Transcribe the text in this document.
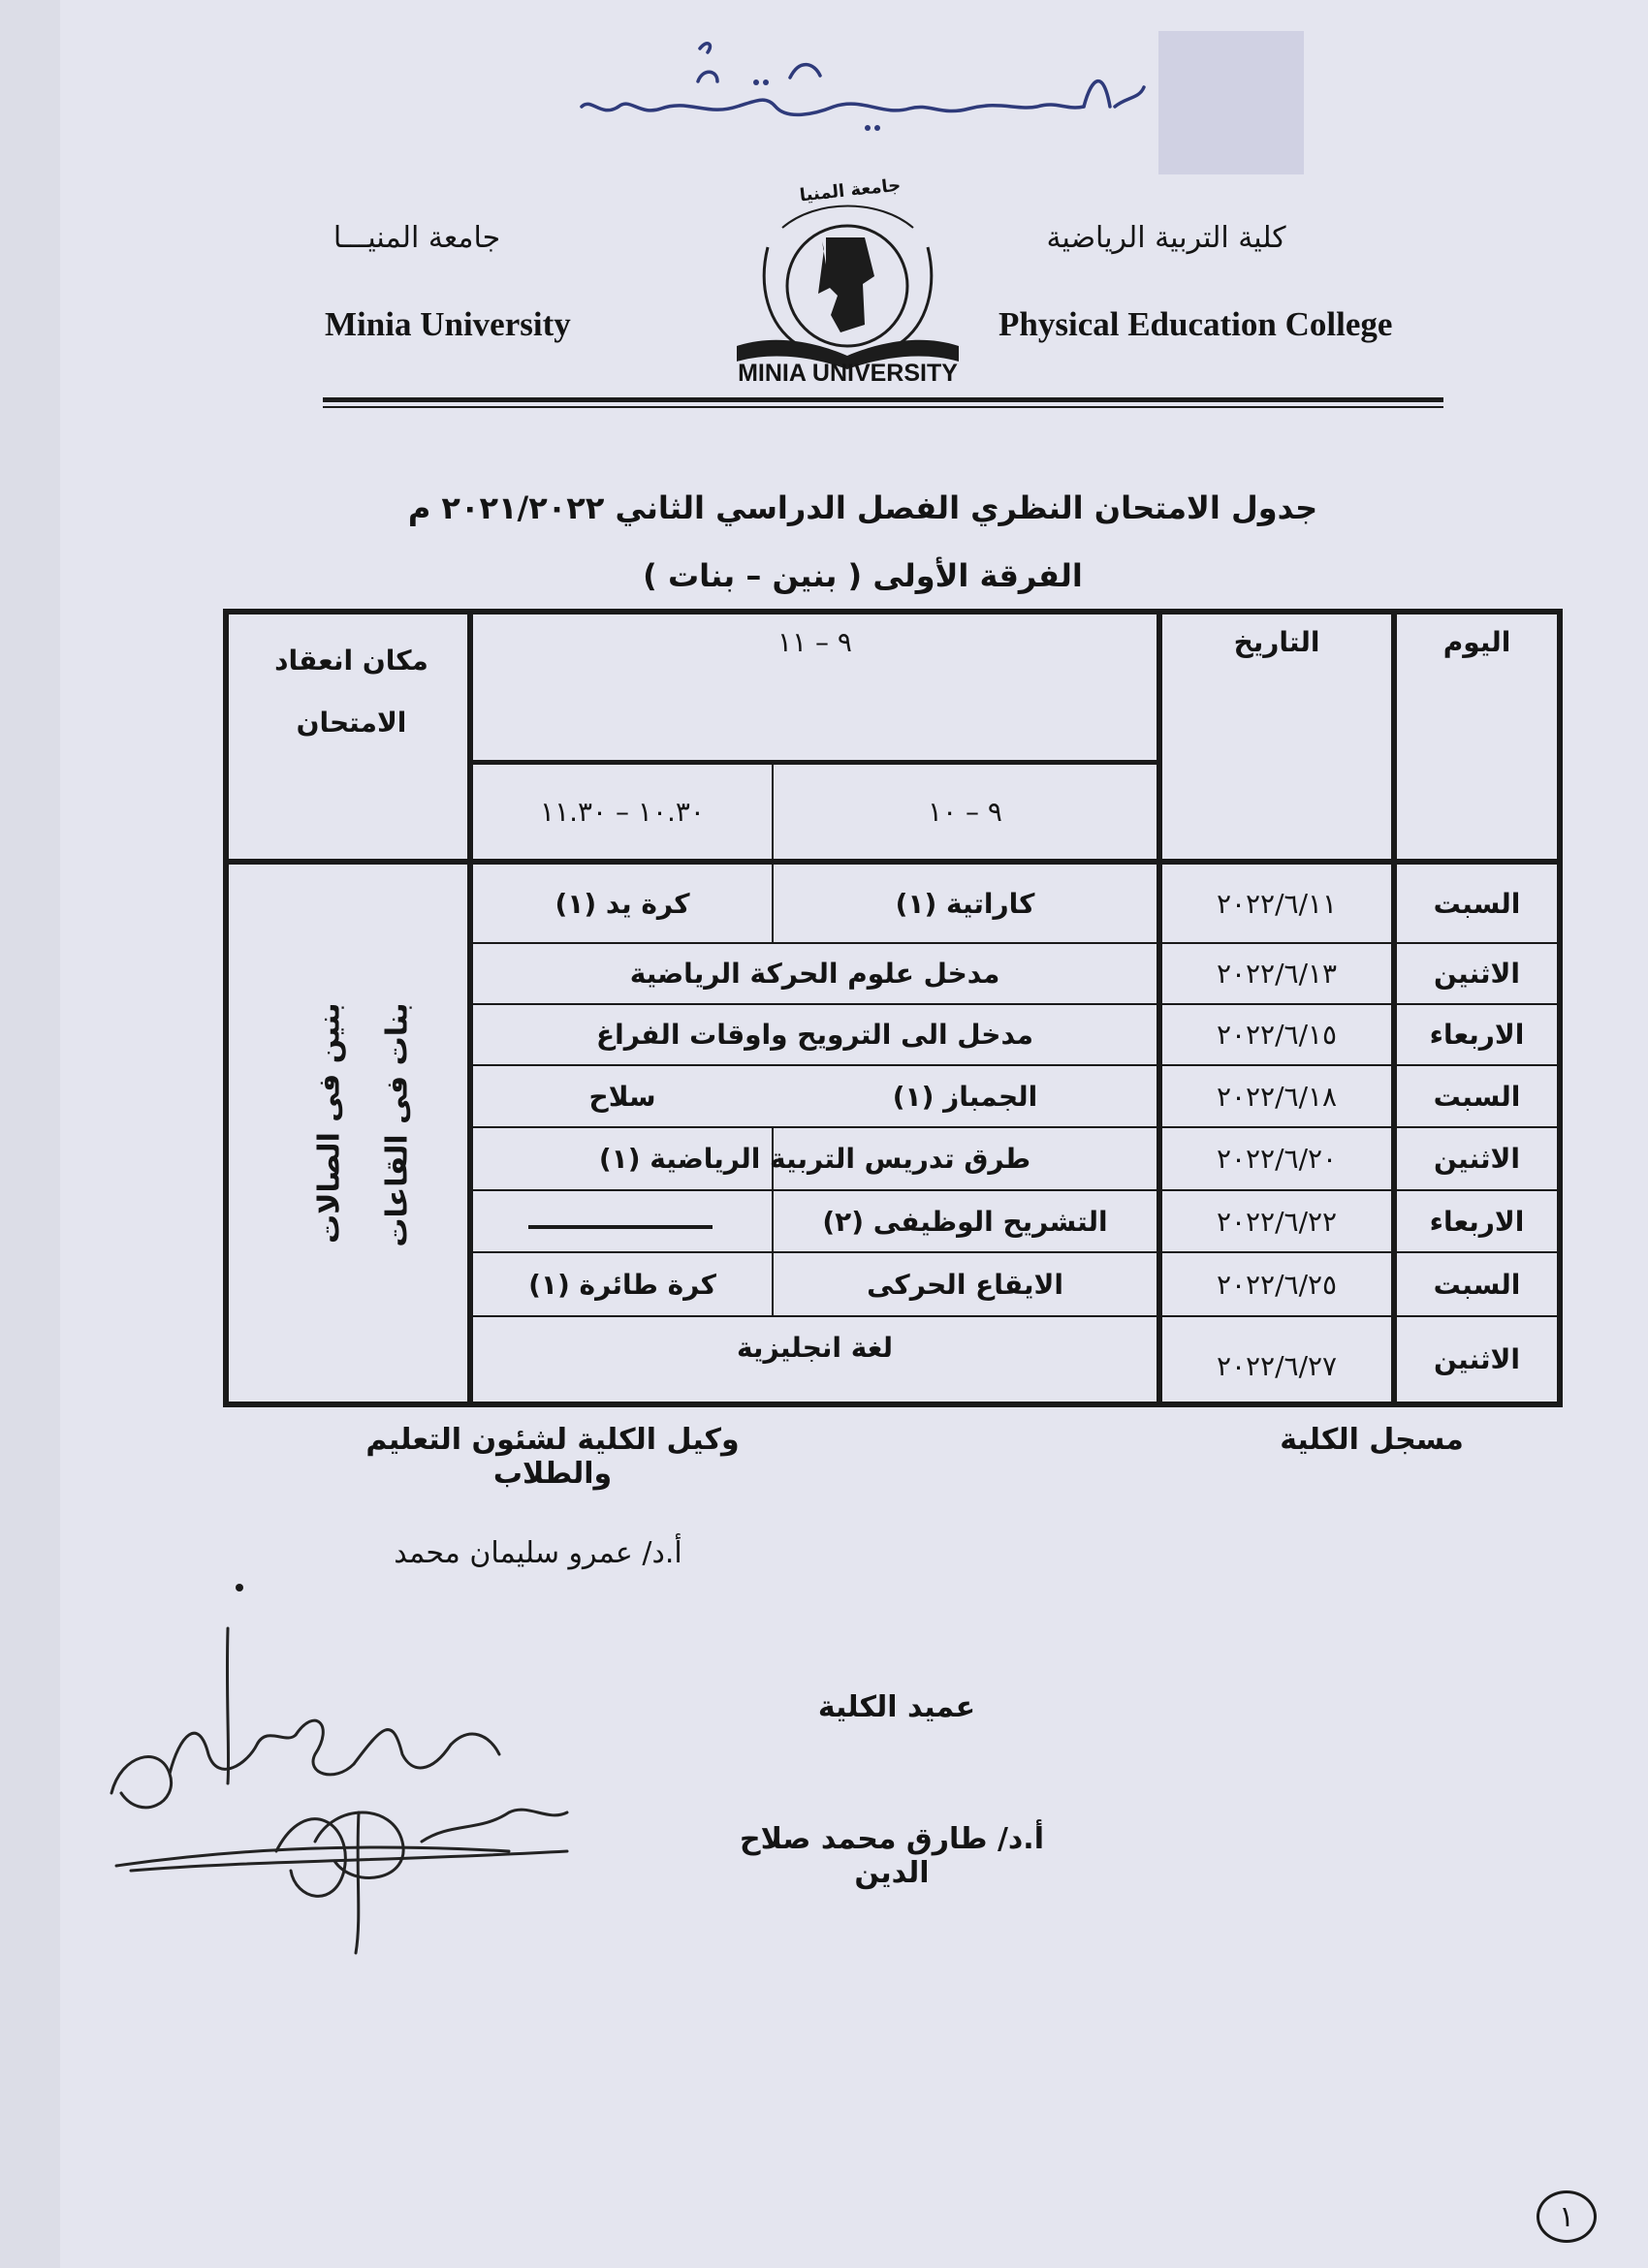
جامعة المنيـــا
Minia University
كلية التربية الرياضية
Physical Education College
جامعة المنيا
MINIA UNIVERSITY
جدول الامتحان النظري الفصل الدراسي الثاني ٢٠٢١/٢٠٢٢ م
الفرقة الأولى ( بنين – بنات )
اليوم
التاريخ
٩ – ١١
٩ – ١٠
١٠.٣٠ – ١١.٣٠
مكان انعقاد الامتحان
السبت
٢٠٢٢/٦/١١
كاراتية (١)
كرة يد (١)
الاثنين
٢٠٢٢/٦/١٣
مدخل علوم الحركة الرياضية
الاربعاء
٢٠٢٢/٦/١٥
مدخل الى الترويح واوقات الفراغ
السبت
٢٠٢٢/٦/١٨
الجمباز (١)
سلاح
الاثنين
٢٠٢٢/٦/٢٠
طرق تدريس التربية الرياضية (١)
الاربعاء
٢٠٢٢/٦/٢٢
التشريح الوظيفى (٢)
السبت
٢٠٢٢/٦/٢٥
الايقاع الحركى
كرة طائرة (١)
الاثنين
٢٠٢٢/٦/٢٧
لغة انجليزية
بنين فى الصالات بنات فى القاعات
مسجل الكلية
وكيل الكلية لشئون التعليم والطلاب
أ.د/ عمرو سليمان محمد
عميد الكلية
أ.د/ طارق محمد صلاح الدين
١
